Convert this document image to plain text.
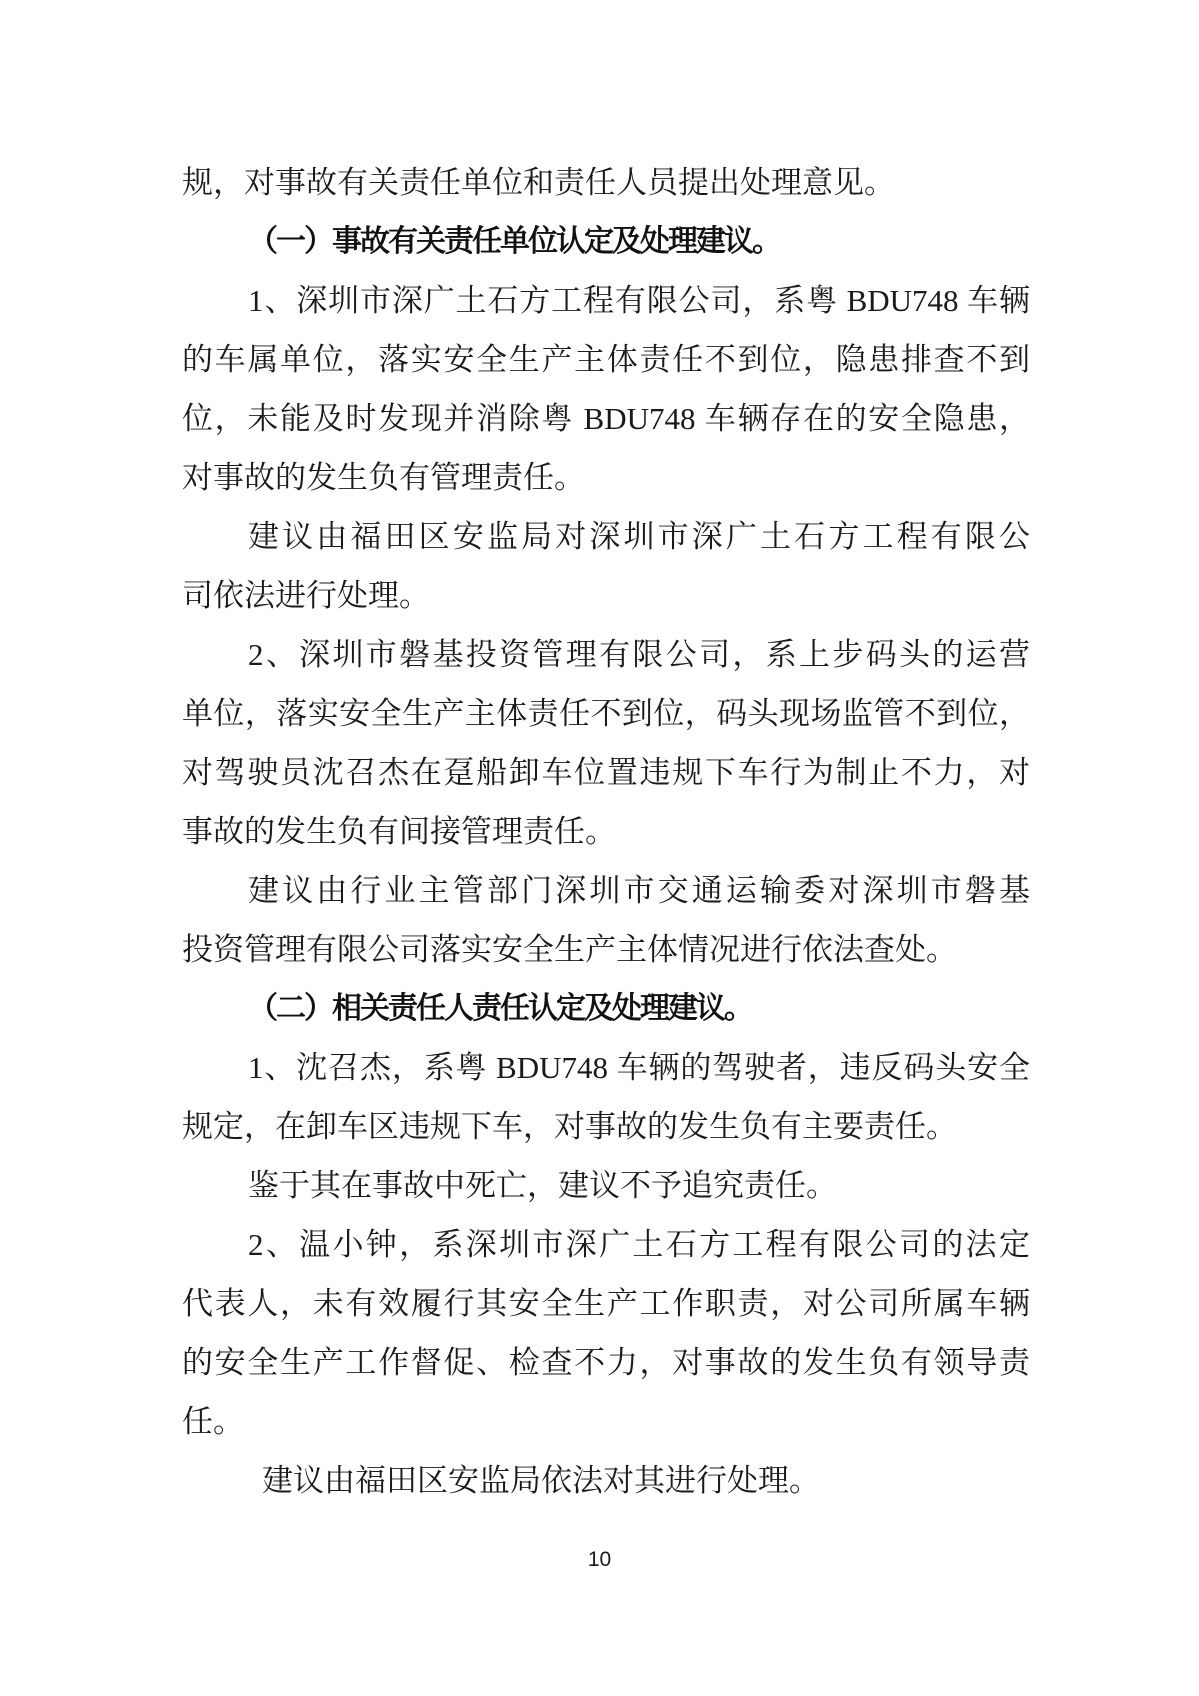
规，对事故有关责任单位和责任人员提出处理意见。
（一）事故有关责任单位认定及处理建议。
1、深圳市深广土石方工程有限公司，系粤 BDU748 车辆
的车属单位，落实安全生产主体责任不到位，隐患排查不到
位，未能及时发现并消除粤 BDU748 车辆存在的安全隐患，
对事故的发生负有管理责任。
建议由福田区安监局对深圳市深广土石方工程有限公
司依法进行处理。
2、深圳市磐基投资管理有限公司，系上步码头的运营
单位，落实安全生产主体责任不到位，码头现场监管不到位，
对驾驶员沈召杰在趸船卸车位置违规下车行为制止不力，对
事故的发生负有间接管理责任。
建议由行业主管部门深圳市交通运输委对深圳市磐基
投资管理有限公司落实安全生产主体情况进行依法查处。
（二）相关责任人责任认定及处理建议。
1、沈召杰，系粤 BDU748 车辆的驾驶者，违反码头安全
规定，在卸车区违规下车，对事故的发生负有主要责任。
鉴于其在事故中死亡，建议不予追究责任。
2、温小钟，系深圳市深广土石方工程有限公司的法定
代表人，未有效履行其安全生产工作职责，对公司所属车辆
的安全生产工作督促、检查不力，对事故的发生负有领导责
任。
建议由福田区安监局依法对其进行处理。
10
